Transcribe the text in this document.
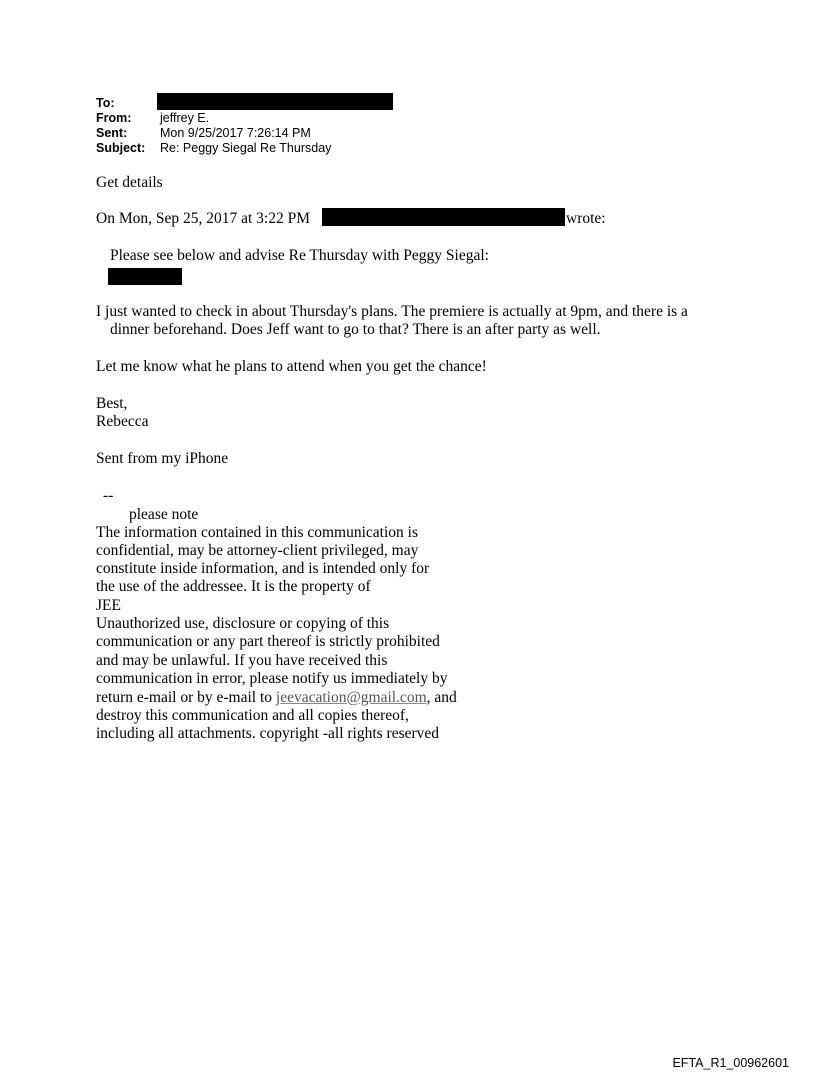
To:
From: jeffrey E.
Sent:	Mon 9/25/2017 7:26:14 PM
Subject: Re: Peggy Siegal Re Thursday
Get details
On Mon, Sep 25, 2017 at 3:22 PM	wrote:
Please see below and advise Re Thursday with Peggy Siegal:
I just wanted to check in about Thursday's plans. The premiere is actually at 9pm, and there is a
dinner beforehand. Does Jeff want to go to that? There is an after party as well.
Let me know what he plans to attend when you get the chance!
Best,
Rebecca
Sent from my iPhone
--
please note
The information contained in this communication is
confidential, may be attorney-client privileged, may
constitute inside information, and is intended only for
the use of the addressee. It is the property of
JEE
Unauthorized use, disclosure or copying of this
communication or any part thereof is strictly prohibited
and may be unlawful. If you have received this
communication in error, please notify us immediately by
return e-mail or by e-mail to jeevacation@gmail.com, and
destroy this communication and all copies thereof,
including all attachments. copyright -all rights reserved
EFTA_R1_00962601
